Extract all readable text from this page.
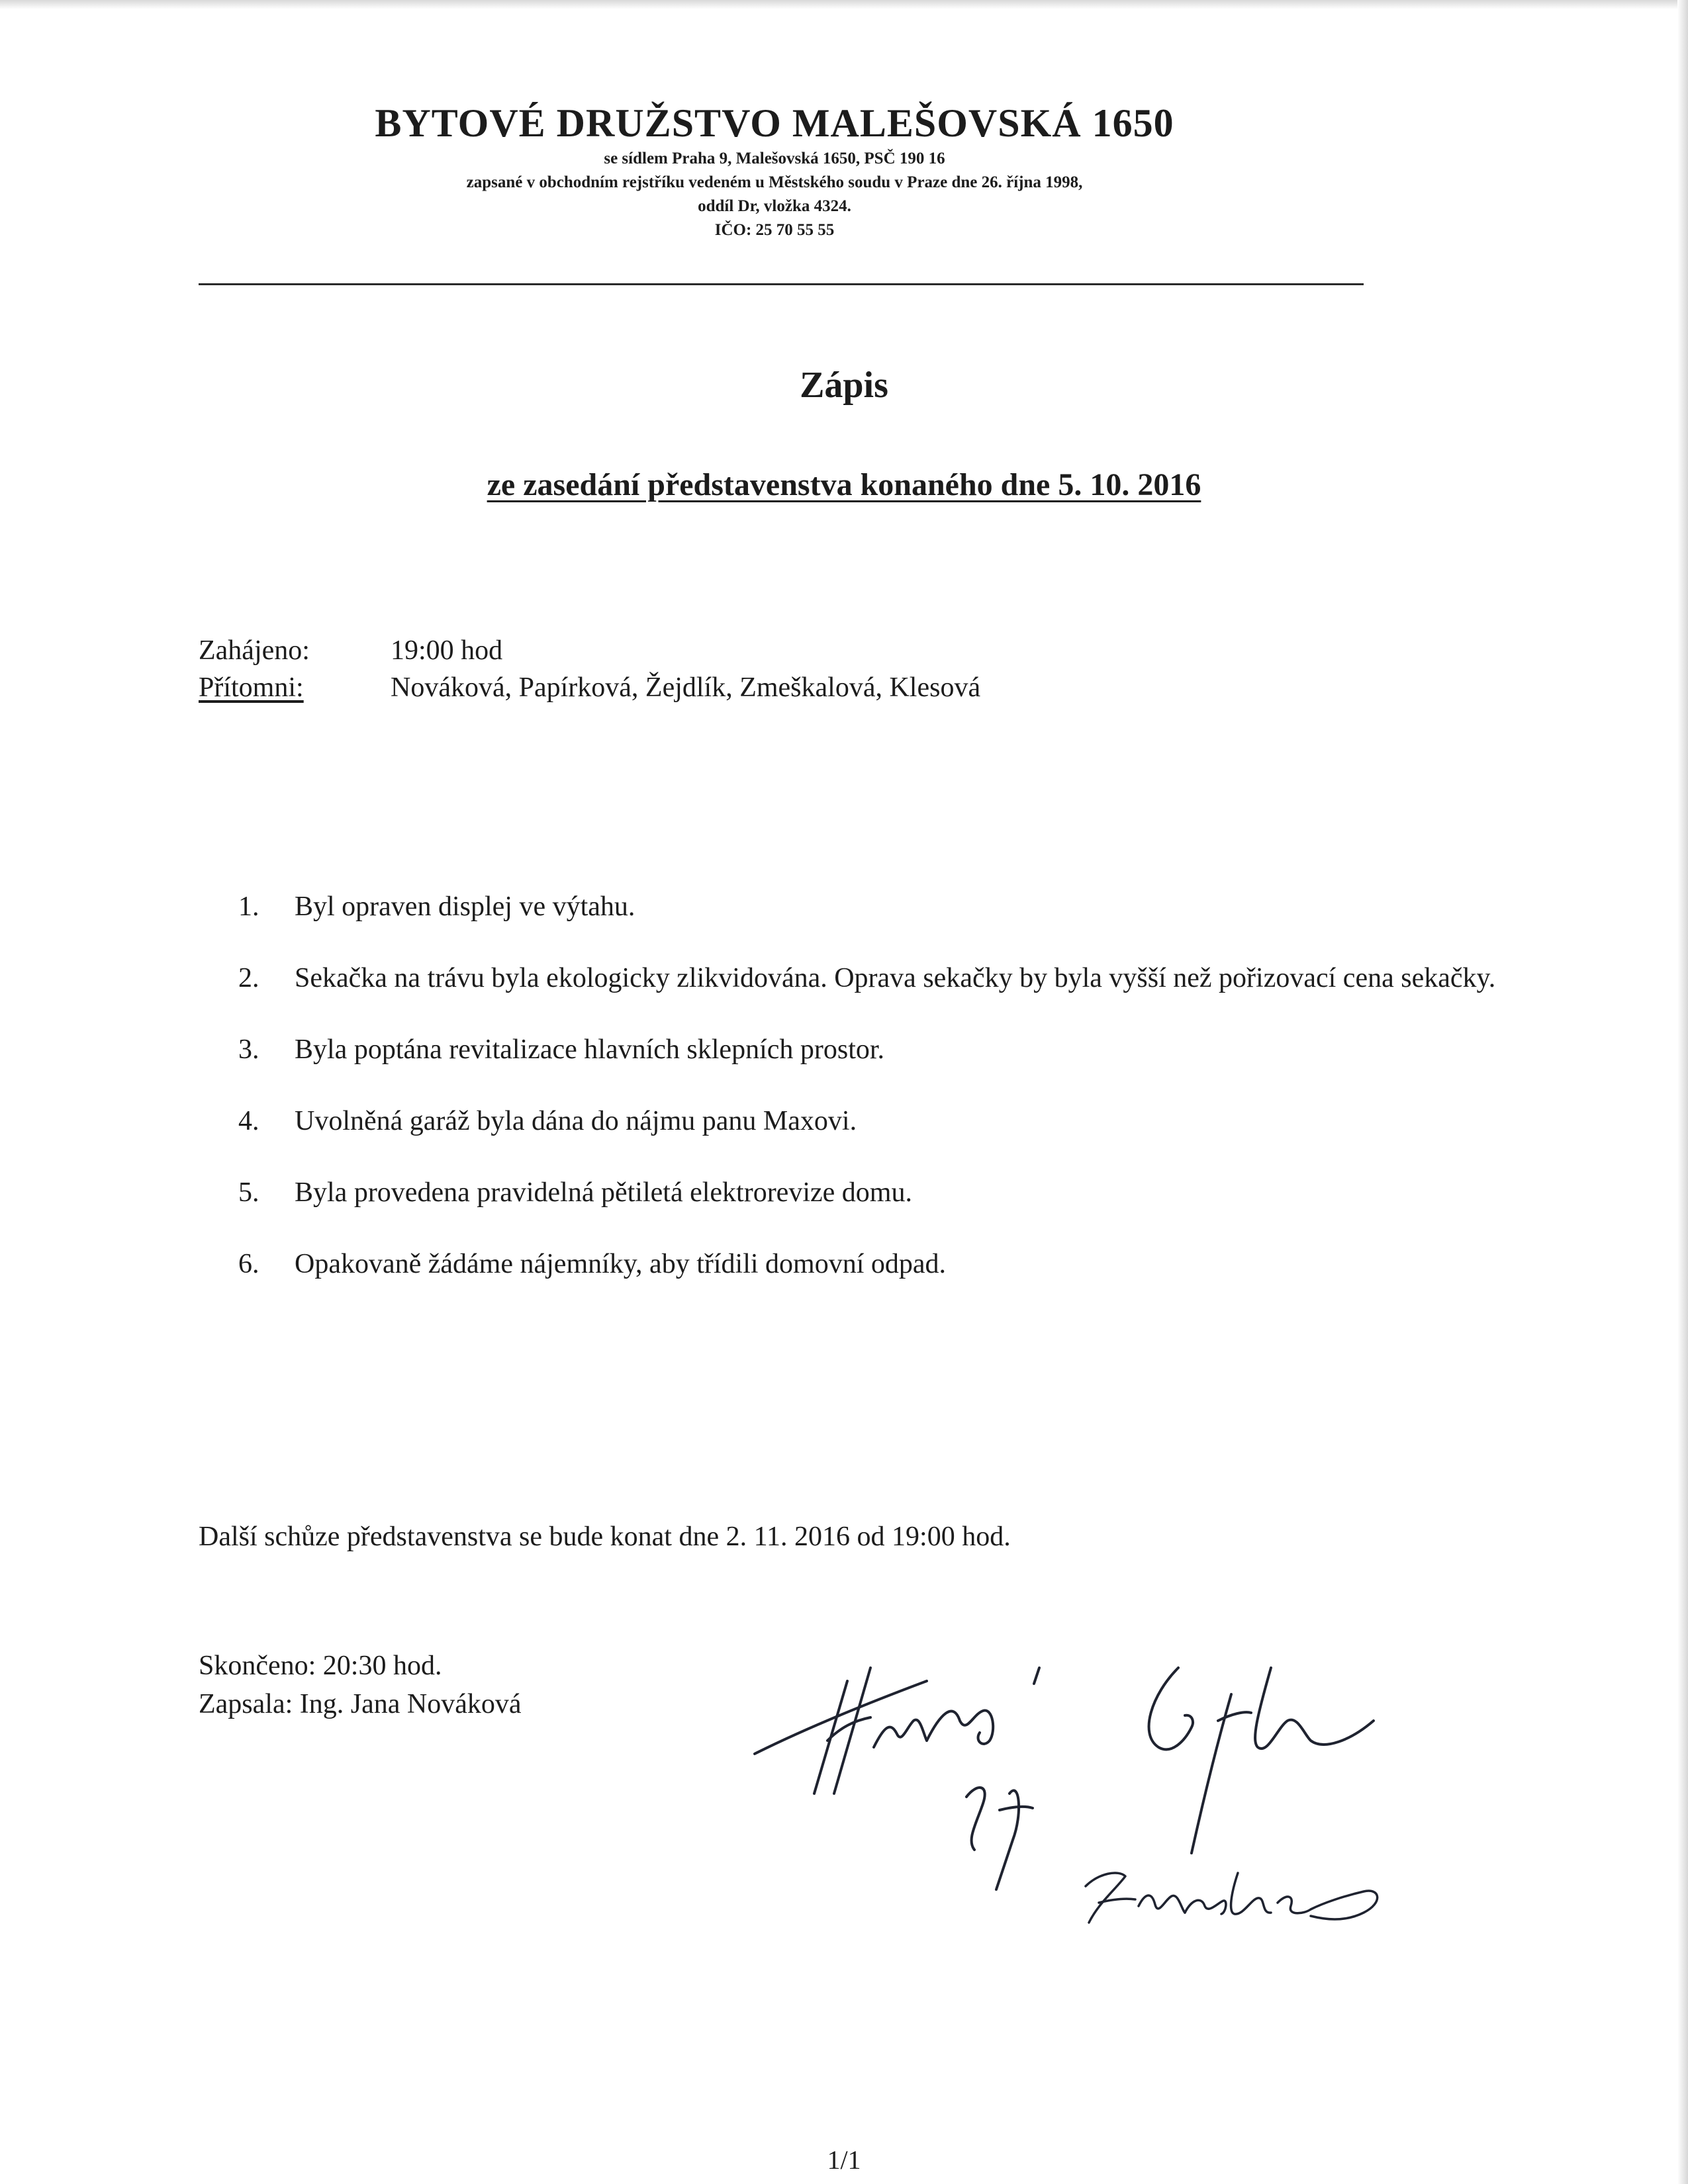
BYTOVÉ DRUŽSTVO MALEŠOVSKÁ 1650

se sídlem Praha 9, Malešovská 1650, PSČ 190 16

zapsané v obchodním rejstříku vedeném u Městského soudu v Praze dne 26. října 1998,

oddíl Dr, vložka 4324.

IČO: 25 70 55 55

Zápis
ze zasedání představenstva konaného dne 5. 10. 2016
Zahájeno:	19:00 hod
Přítomni:	Nováková, Papírková, Žejdlík, Zmeškalová, Klesová
1.	Byl opraven displej ve výtahu.
2.	Sekačka na trávu byla ekologicky zlikvidována. Oprava sekačky by byla vyšší než pořizovací cena sekačky.
3.	Byla poptána revitalizace hlavních sklepních prostor.
4.	Uvolněná garáž byla dána do nájmu panu Maxovi.
5.	Byla provedena pravidelná pětiletá elektrorevize domu.
6.	Opakovaně žádáme nájemníky, aby třídili domovní odpad.

Další schůze představenstva se bude konat dne 2. 11. 2016 od 19:00 hod.

Skončeno: 20:30 hod.
Zapsala: Ing. Jana Nováková
1/1
